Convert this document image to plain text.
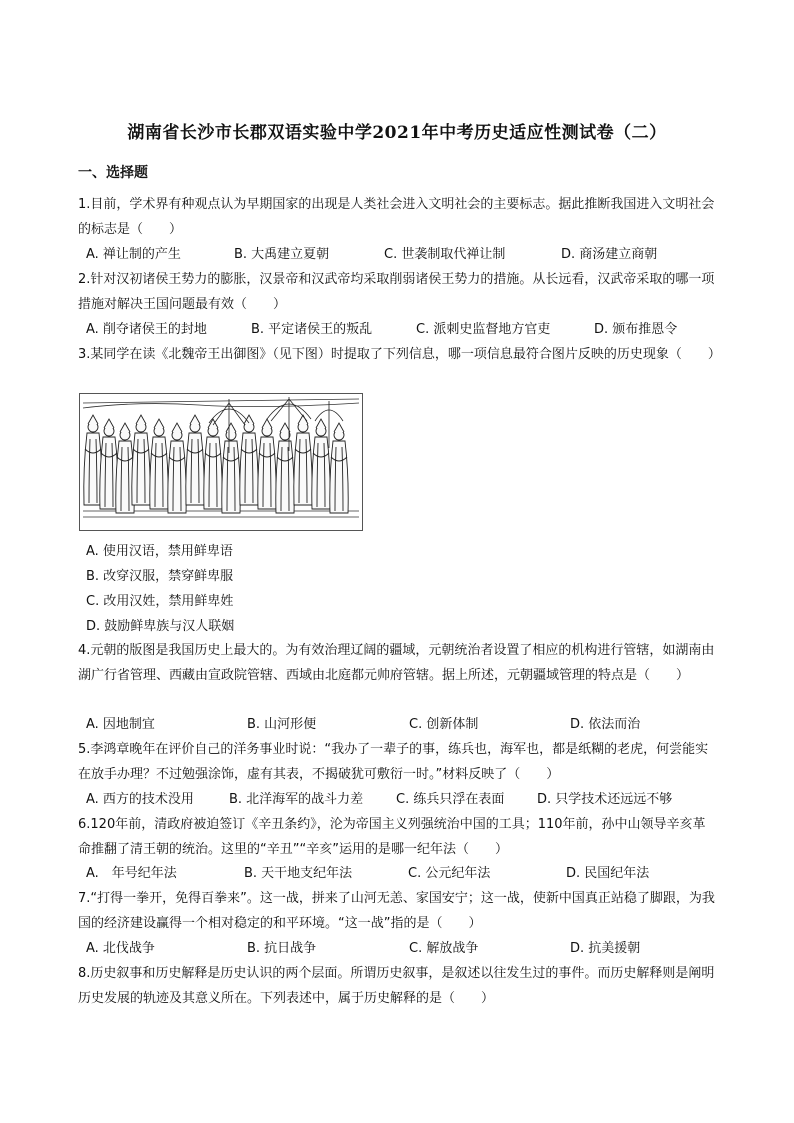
湖南省长沙市长郡双语实验中学2021年中考历史适应性测试卷（二）
一、选择题
1.目前，学术界有种观点认为早期国家的出现是人类社会进入文明社会的主要标志。据此推断我国进入文明社会的标志是（　　）
A. 禅让制的产生	B. 大禹建立夏朝	C. 世袭制取代禅让制	D. 商汤建立商朝
2.针对汉初诸侯王势力的膨胀，汉景帝和汉武帝均采取削弱诸侯王势力的措施。从长远看，汉武帝采取的哪一项措施对解决王国问题最有效（　　）
A. 削夺诸侯王的封地	B. 平定诸侯王的叛乱	C. 派刺史监督地方官吏	D. 颁布推恩令
3.某同学在读《北魏帝王出御图》（见下图）时提取了下列信息，哪一项信息最符合图片反映的历史现象（　　）
A. 使用汉语，禁用鲜卑语
B. 改穿汉服，禁穿鲜卑服
C. 改用汉姓，禁用鲜卑姓
D. 鼓励鲜卑族与汉人联姻
4.元朝的版图是我国历史上最大的。为有效治理辽阔的疆域，元朝统治者设置了相应的机构进行管辖，如湖南由湖广行省管理、西藏由宣政院管辖、西域由北庭都元帅府管辖。据上所述，元朝疆域管理的特点是（　　）
A. 因地制宜	B. 山河形便	C. 创新体制	D. 依法而治
5.李鸿章晚年在评价自己的洋务事业时说：“我办了一辈子的事，练兵也，海军也，都是纸糊的老虎，何尝能实在放手办理？不过勉强涂饰，虚有其表，不揭破犹可敷衍一时。”材料反映了（　　）
A. 西方的技术没用	B. 北洋海军的战斗力差	C. 练兵只浮在表面	D. 只学技术还远远不够
6.120年前，清政府被迫签订《辛丑条约》，沦为帝国主义列强统治中国的工具；110年前，孙中山领导辛亥革命推翻了清王朝的统治。这里的“辛丑”“辛亥”运用的是哪一纪年法（　　）
A.　年号纪年法	B. 天干地支纪年法	C. 公元纪年法	D. 民国纪年法
7.“打得一拳开，免得百拳来”。这一战，拼来了山河无恙、家国安宁；这一战，使新中国真正站稳了脚跟，为我国的经济建设赢得一个相对稳定的和平环境。“这一战”指的是（　　）
A. 北伐战争	B. 抗日战争	C. 解放战争	D. 抗美援朝
8.历史叙事和历史解释是历史认识的两个层面。所谓历史叙事，是叙述以往发生过的事件。而历史解释则是阐明历史发展的轨迹及其意义所在。下列表述中，属于历史解释的是（　　）
